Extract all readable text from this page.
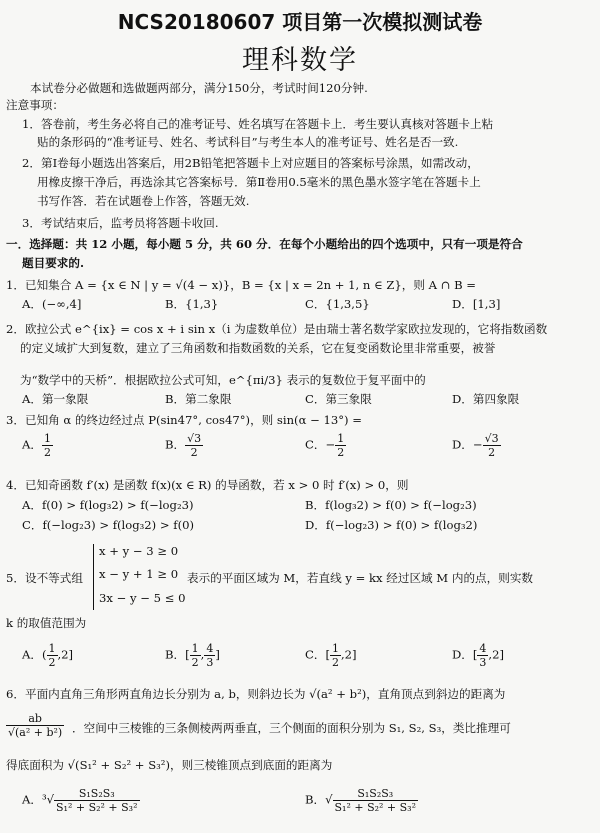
NCS20180607 项目第一次模拟测试卷
理科数学
本试卷分必做题和选做题两部分，满分150分，考试时间120分钟.
注意事项：
1．答卷前，考生务必将自己的准考证号、姓名填写在答题卡上．考生要认真核对答题卡上粘
贴的条形码的“准考证号、姓名、考试科目”与考生本人的准考证号、姓名是否一致.
2．第Ⅰ卷每小题选出答案后，用2B铅笔把答题卡上对应题目的答案标号涂黑，如需改动，
用橡皮擦干净后，再选涂其它答案标号．第Ⅱ卷用0.5毫米的黑色墨水签字笔在答题卡上
书写作答．若在试题卷上作答，答题无效.
3．考试结束后，监考员将答题卡收回.
一．选择题：共 12 小题，每小题 5 分，共 60 分．在每个小题给出的四个选项中，只有一项是符合
题目要求的.
1．已知集合 A = {x ∈ N | y = √(4 − x)}，B = {x | x = 2n + 1, n ∈ Z}，则 A ∩ B =
A．(−∞,4]	B．{1,3}	C．{1,3,5}	D．[1,3]
2．欧拉公式 e^{ix} = cos x + i sin x（i 为虚数单位）是由瑞士著名数学家欧拉发现的，它将指数函数
的定义域扩大到复数，建立了三角函数和指数函数的关系，它在复变函数论里非常重要，被誉
为“数学中的天桥”．根据欧拉公式可知，e^{πi/3} 表示的复数位于复平面中的
A．第一象限	B．第二象限	C．第三象限	D．第四象限
3．已知角 α 的终边经过点 P(sin47°, cos47°)，则 sin(α − 13°) =
A． $\frac{1}{2}$	B． $\frac{√3}{2}$	C．− $\frac{1}{2}$	D．− $\frac{√3}{2}$
4．已知奇函数 f′(x) 是函数 f(x)(x ∈ R) 的导函数，若 x > 0 时 f′(x) > 0，则
A．f(0) > f(log₃2) > f(−log₂3)	B．f(log₃2) > f(0) > f(−log₂3)
C．f(−log₂3) > f(log₃2) > f(0)	D．f(−log₂3) > f(0) > f(log₃2)
5．设不等式组
x + y − 3 ≥ 0
x − y + 1 ≥ 0
3x − y − 5 ≤ 0
表示的平面区域为 M，若直线 y = kx 经过区域 M 内的点，则实数
k 的取值范围为
A．( $\frac{1}{2} ,2$]	B．[ $\frac{1}{2}$ , $\frac{4}{3}$ ]	C．[ $\frac{1}{2} ,2$]	D．[ $\frac{4}{3} ,2$]
6．平面内直角三角形两直角边长分别为 a, b，则斜边长为 √(a² + b²)，直角顶点到斜边的距离为
$\frac{ab}{\text{√(a² + b²)}}$ ．空间中三棱锥的三条侧棱两两垂直，三个侧面的面积分别为 S₁, S₂, S₃，类比推理可
得底面积为 √(S₁² + S₂² + S₃²)，则三棱锥顶点到底面的距离为
A．$^3√ \frac{\text{S₁S₂S₃}}{\text{S₁² + S₂² + S₃²}}$	B．√ $\frac{\text{S₁S₂S₃}}{\text{S₁² + S₂² + S₃²}}$
